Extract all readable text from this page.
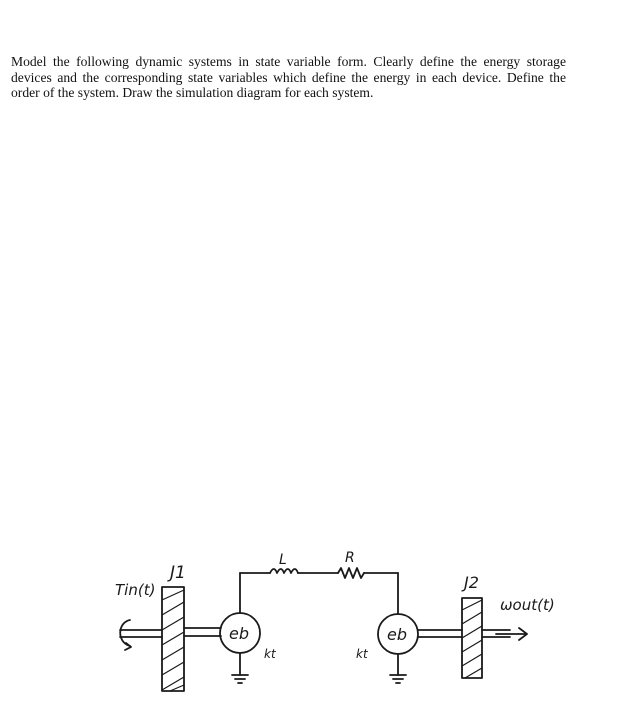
Model the following dynamic systems in state variable form. Clearly define the energy storage devices and the corresponding state variables which define the energy in each device. Define the order of the system. Draw the simulation diagram for each system.

Tin(t)
J1
eb
kt
L	R
eb
kt
J2
ωout(t)
